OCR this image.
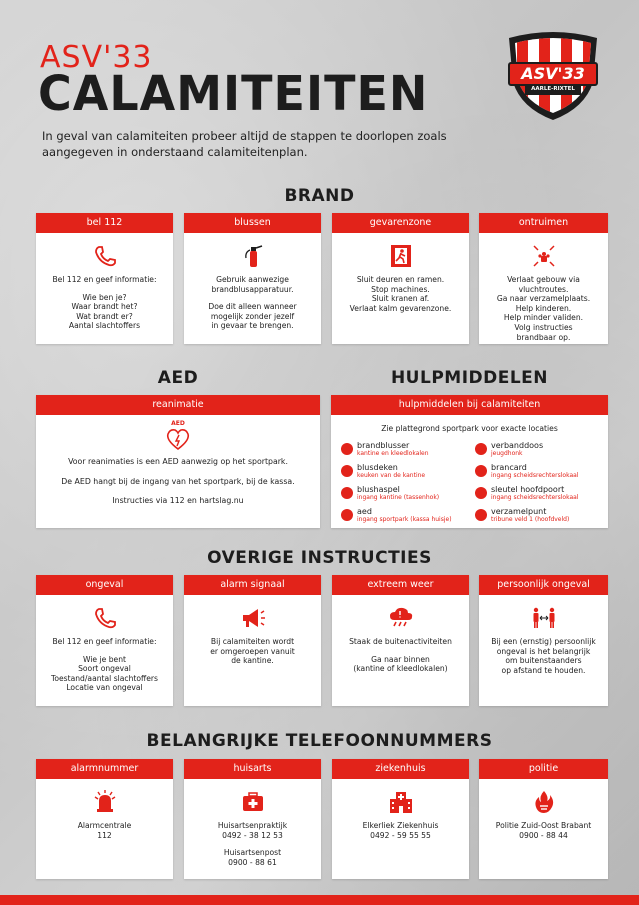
ASV'33
CALAMITEITEN
In geval van calamiteiten probeer altijd de stappen te doorlopen zoals aangegeven in onderstaand calamiteitenplan.
ASV'33
AARLE-RIXTEL
BRAND
bel 112
Bel 112 en geef informatie:
Wie ben je?
Waar brandt het?
Wat brandt er?
Aantal slachtoffers
blussen
Gebruik aanwezige
brandblusapparatuur.
Doe dit alleen wanneer
mogelijk zonder jezelf
in gevaar te brengen.
gevarenzone
Sluit deuren en ramen.
Stop machines.
Sluit kranen af.
Verlaat kalm gevarenzone.
ontruimen
Verlaat gebouw via
vluchtroutes.
Ga naar verzamelplaats.
Help kinderen.
Help minder validen.
Volg instructies
brandbaar op.
AED	HULPMIDDELEN
reanimatie
AED

Voor reanimaties is een AED aanwezig op het sportpark.

De AED hangt bij de ingang van het sportpark, bij de kassa.

Instructies via 112 en hartslag.nu

hulpmiddelen bij calamiteiten
Zie plattegrond sportpark voor exacte locaties
brandblusser
kantine en kleedlokalen
verbanddoos
jeugdhonk
blusdeken
keuken van de kantine
brancard
ingang scheidsrechterslokaal
blushaspel
ingang kantine (tassenhok)
sleutel hoofdpoort
ingang scheidsrechterslokaal
aed
ingang sportpark (kassa huisje)
verzamelpunt
tribune veld 1 (hoofdveld)
OVERIGE INSTRUCTIES
ongeval
Bel 112 en geef informatie:
Wie je bent
Soort ongeval
Toestand/aantal slachtoffers
Locatie van ongeval
alarm signaal
Bij calamiteiten wordt
er omgeroepen vanuit
de kantine.
extreem weer
Staak de buitenactiviteiten
Ga naar binnen
(kantine of kleedlokalen)
persoonlijk ongeval
Bij een (ernstig) persoonlijk
ongeval is het belangrijk
om buitenstaanders
op afstand te houden.
BELANGRIJKE TELEFOONNUMMERS
alarmnummer
Alarmcentrale
112
huisarts
Huisartsenpraktijk
0492 - 38 12 53
Huisartsenpost
0900 - 88 61
ziekenhuis
Elkerliek Ziekenhuis
0492 - 59 55 55
politie
Politie Zuid-Oost Brabant
0900 - 88 44
